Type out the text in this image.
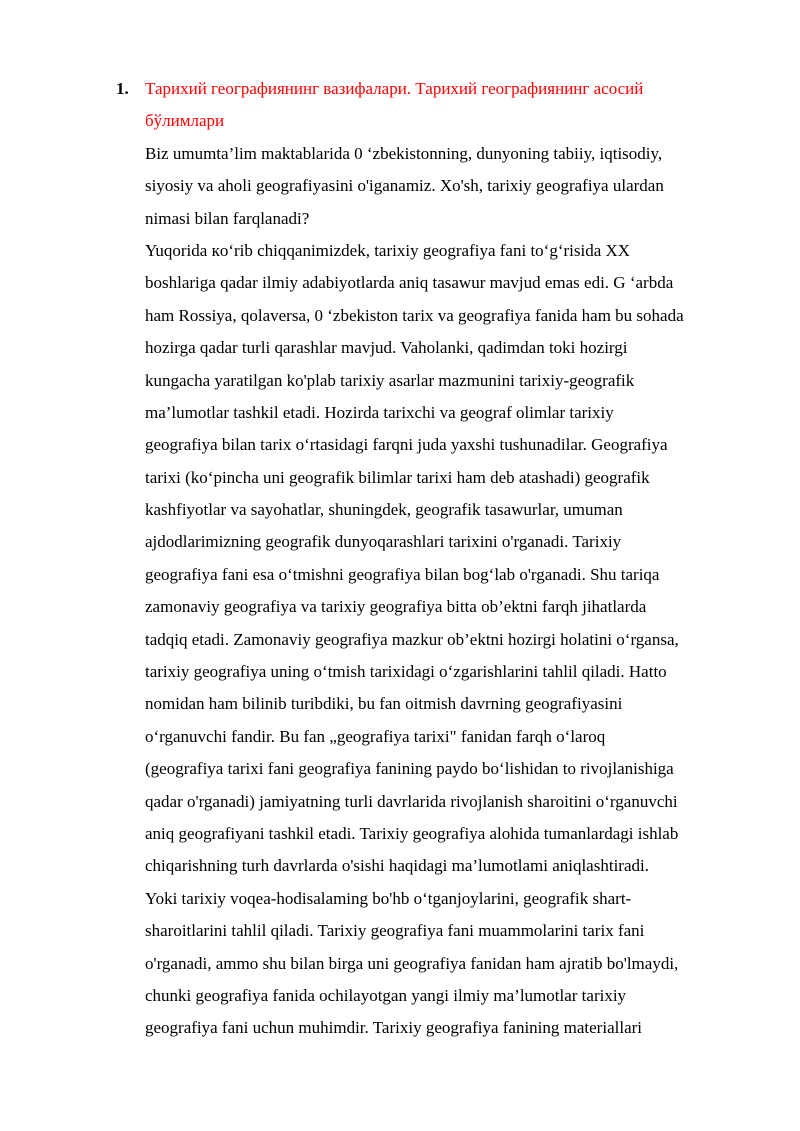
1. Тарихий географиянинг вазифалари. Тарихий географиянинг асосий
бўлимлари
Biz umumta’lim maktablarida 0 ‘zbekistonning, dunyoning tabiiy, iqtisodiy,
siyosiy va aholi geografiyasini o'iganamiz. Xo'sh, tarixiy geografiya ulardan
nimasi bilan farqlanadi?
Yuqorida кo‘rib chiqqanimizdek, tarixiy geografiya fani to‘g‘risida XX
boshlariga qadar ilmiy adabiyotlarda aniq tasawur mavjud emas edi. G ‘arbda
ham Rossiya, qolaversa, 0 ‘zbekiston tarix va geografiya fanida ham bu sohada
hozirga qadar turli qarashlar mavjud. Vaholanki, qadimdan toki hozirgi
kungacha yaratilgan ko'plab tarixiy asarlar mazmunini tarixiy-geografik
ma’lumotlar tashkil etadi. Hozirda tarixchi va geograf olimlar tarixiy
geografiya bilan tarix o‘rtasidagi farqni juda yaxshi tushunadilar. Geografiya
tarixi (ko‘pincha uni geografik bilimlar tarixi ham deb atashadi) geografik
kashfiyotlar va sayohatlar, shuningdek, geografik tasawurlar, umuman
ajdodlarimizning geografik dunyoqarashlari tarixini o'rganadi. Tarixiy
geografiya fani esa o‘tmishni geografiya bilan bog‘lab o'rganadi. Shu tariqa
zamonaviy geografiya va tarixiy geografiya bitta ob’ektni farqh jihatlarda
tadqiq etadi. Zamonaviy geografiya mazkur ob’ektni hozirgi holatini o‘rgansa,
tarixiy geografiya uning o‘tmish tarixidagi o‘zgarishlarini tahlil qiladi. Hatto
nomidan ham bilinib turibdiki, bu fan oitmish davrning geografiyasini
o‘rganuvchi fandir. Bu fan „geografiya tarixi" fanidan farqh o‘laroq
(geografiya tarixi fani geografiya fanining paydo bo‘lishidan to rivojlanishiga
qadar o'rganadi) jamiyatning turli davrlarida rivojlanish sharoitini o‘rganuvchi
aniq geografiyani tashkil etadi. Tarixiy geografiya alohida tumanlardagi ishlab
chiqarishning turh davrlarda o'sishi haqidagi ma’lumotlami aniqlashtiradi.
Yoki tarixiy voqea-hodisalaming bo'hb o‘tganjoylarini, geografik shart-
sharoitlarini tahlil qiladi. Tarixiy geografiya fani muammolarini tarix fani
o'rganadi, ammo shu bilan birga uni geografiya fanidan ham ajratib bo'lmaydi,
chunki geografiya fanida ochilayotgan yangi ilmiy ma’lumotlar tarixiy
geografiya fani uchun muhimdir. Tarixiy geografiya fanining materiallari
